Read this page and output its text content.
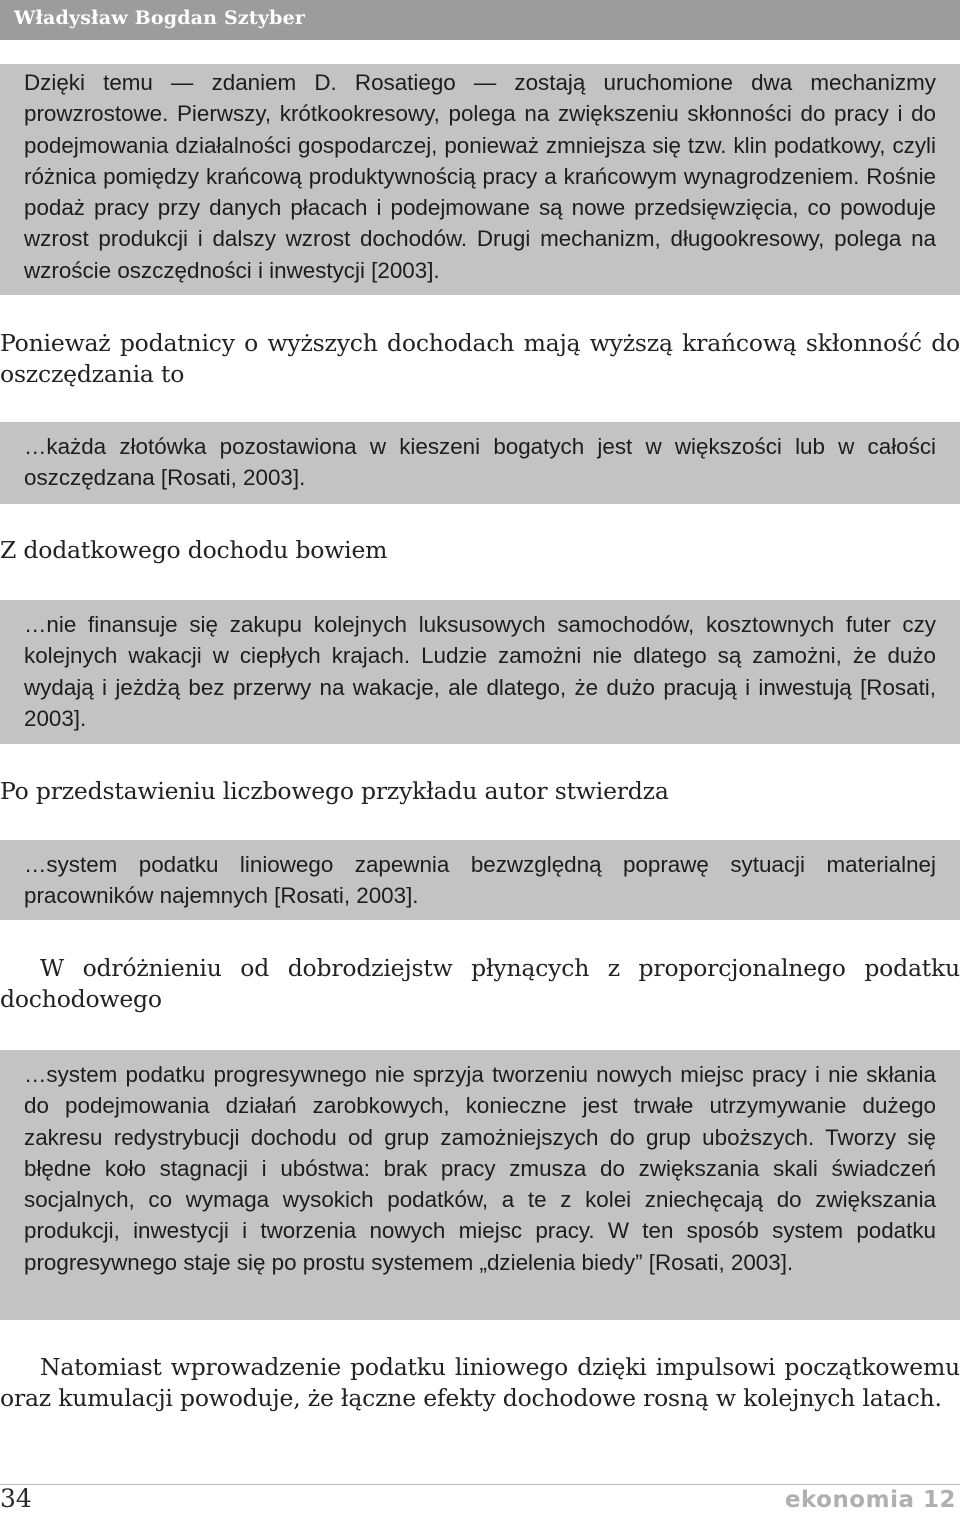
Władysław Bogdan Sztyber

Dzięki temu — zdaniem D. Rosatiego — zostają uruchomione dwa mechanizmy prowzrostowe. Pierwszy, krótkookresowy, polega na zwiększeniu skłonności do pracy i do podejmowania działalności gospodarczej, ponieważ zmniejsza się tzw. klin podatkowy, czyli różnica pomiędzy krańcową produktywnością pracy a krańcowym wynagrodzeniem. Rośnie podaż pracy przy danych płacach i podejmowane są nowe przedsięwzięcia, co powoduje wzrost produkcji i dalszy wzrost dochodów. Drugi mechanizm, długookresowy, polega na wzroście oszczędności i inwestycji [2003].

Ponieważ podatnicy o wyższych dochodach mają wyższą krańcową skłonność do oszczędzania to

…każda złotówka pozostawiona w kieszeni bogatych jest w większości lub w całości oszczędzana [Rosati, 2003].

Z dodatkowego dochodu bowiem

…nie finansuje się zakupu kolejnych luksusowych samochodów, kosztownych futer czy kolejnych wakacji w ciepłych krajach. Ludzie zamożni nie dlatego są zamożni, że dużo wydają i jeżdżą bez przerwy na wakacje, ale dlatego, że dużo pracują i inwestują [Rosati, 2003].

Po przedstawieniu liczbowego przykładu autor stwierdza

…system podatku liniowego zapewnia bezwzględną poprawę sytuacji materialnej pracowników najemnych [Rosati, 2003].

W odróżnieniu od dobrodziejstw płynących z proporcjonalnego podatku dochodowego

…system podatku progresywnego nie sprzyja tworzeniu nowych miejsc pracy i nie skłania do podejmowania działań zarobkowych, konieczne jest trwałe utrzymywanie dużego zakresu redystrybucji dochodu od grup zamożniejszych do grup uboższych. Tworzy się błędne koło stagnacji i ubóstwa: brak pracy zmusza do zwiększania skali świadczeń socjalnych, co wymaga wysokich podatków, a te z kolei zniechęcają do zwiększania produkcji, inwestycji i tworzenia nowych miejsc pracy. W ten sposób system podatku progresywnego staje się po prostu systemem „dzielenia biedy” [Rosati, 2003].

Natomiast wprowadzenie podatku liniowego dzięki impulsowi początkowemu oraz kumulacji powoduje, że łączne efekty dochodowe rosną w kolejnych latach.

34	ekonomia 12
